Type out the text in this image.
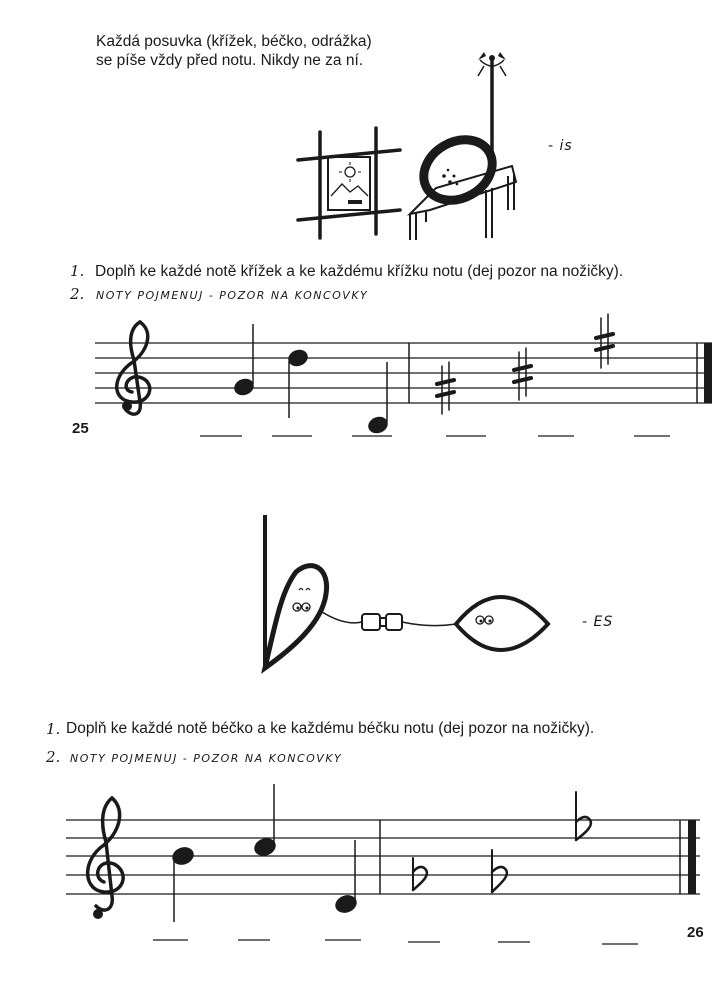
Každá posuvka (křížek, béčko, odrážka)
se píše vždy před notu. Nikdy ne za ní.
- is
1. Doplň ke každé notě křížek a ke každému křížku notu (dej pozor na nožičky).
2. NOTY POJMENUJ - POZOR NA KONCOVKY
25
- ES
1. Doplň ke každé notě béčko a ke každému béčku notu (dej pozor na nožičky).
2. NOTY POJMENUJ - POZOR NA KONCOVKY
26
